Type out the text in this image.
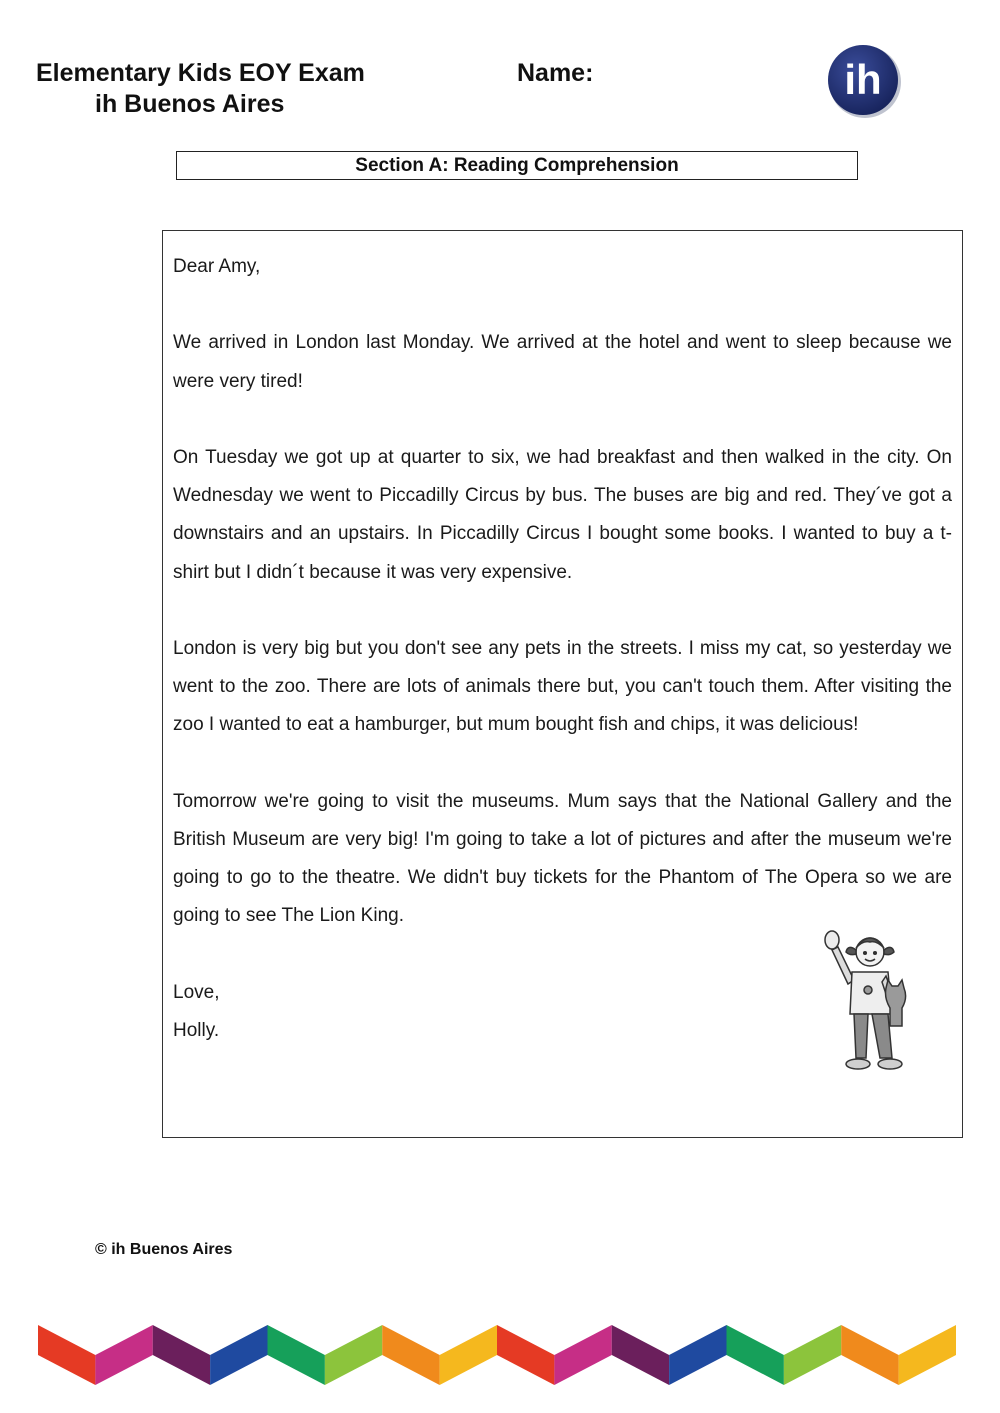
Elementary Kids EOY Exam
ih Buenos Aires
Name:	ih
Section A: Reading Comprehension

Dear Amy,

We arrived in London last Monday. We arrived at the hotel and went to sleep because we were very tired!

On Tuesday we got up at quarter to six, we had breakfast and then walked in the city. On Wednesday we went to Piccadilly Circus by bus. The buses are big and red. They´ve got a downstairs and an upstairs. In Piccadilly Circus I bought some books. I wanted to buy a t-shirt but I didn´t because it was very expensive.

London is very big but you don't see any pets in the streets. I miss my cat, so yesterday we went to the zoo. There are lots of animals there but, you can't touch them. After visiting the zoo I wanted to eat a hamburger, but mum bought fish and chips, it was delicious!

Tomorrow we're going to visit the museums. Mum says that the National Gallery and the British Museum are very big! I'm going to take a lot of pictures and after the museum we're going to go to the theatre. We didn't buy tickets for the Phantom of The Opera so we are going to see The Lion King.

Love,

Holly.

© ih Buenos Aires
